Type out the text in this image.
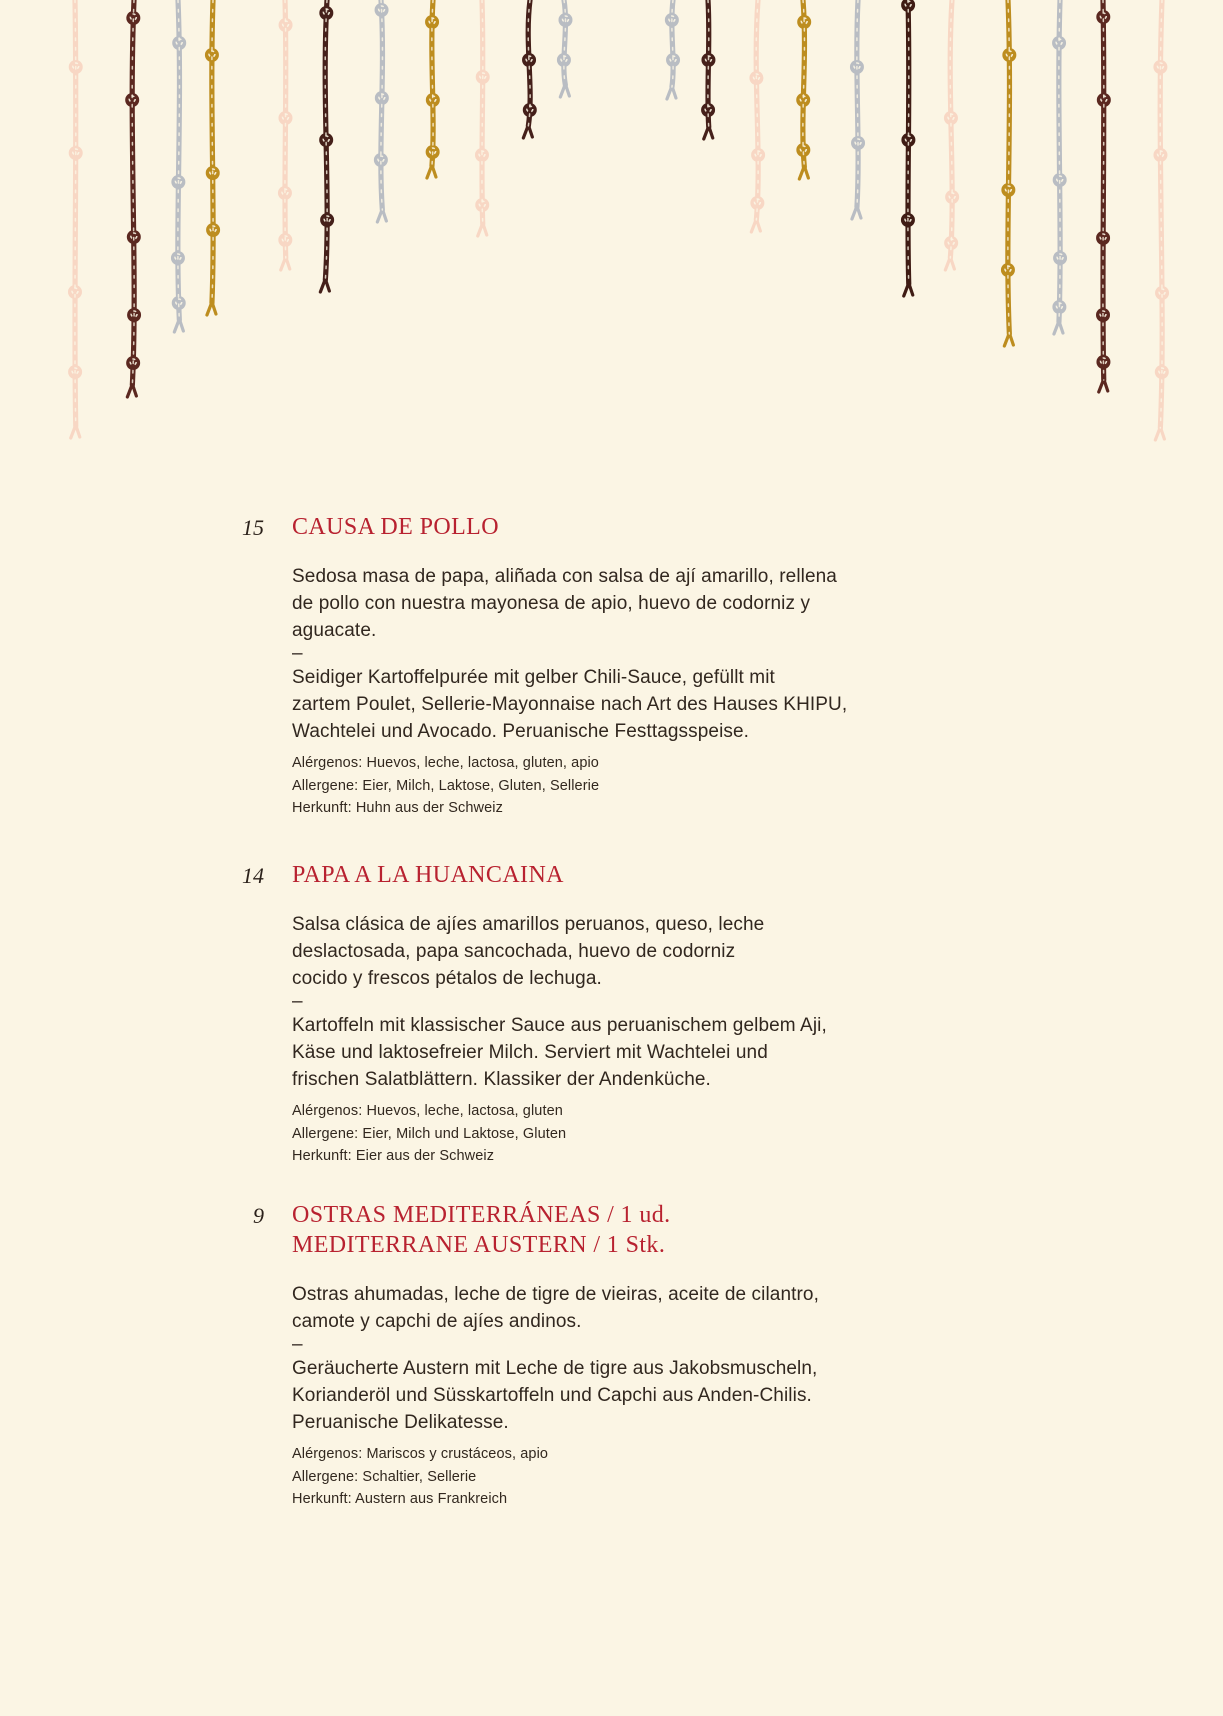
15 CAUSA DE POLLO
Sedosa masa de papa, aliñada con salsa de ají amarillo, rellena
de pollo con nuestra mayonesa de apio, huevo de codorniz y
aguacate.
–
Seidiger Kartoffelpurée mit gelber Chili-Sauce, gefüllt mit
zartem Poulet, Sellerie-Mayonnaise nach Art des Hauses KHIPU,
Wachtelei und Avocado. Peruanische Festtagsspeise.
Alérgenos: Huevos, leche, lactosa, gluten, apio
Allergene: Eier, Milch, Laktose, Gluten, Sellerie
Herkunft: Huhn aus der Schweiz
14 PAPA A LA HUANCAINA
Salsa clásica de ajíes amarillos peruanos, queso, leche
deslactosada, papa sancochada, huevo de codorniz
cocido y frescos pétalos de lechuga.
–
Kartoffeln mit klassischer Sauce aus peruanischem gelbem Aji,
Käse und laktosefreier Milch. Serviert mit Wachtelei und
frischen Salatblättern. Klassiker der Andenküche.
Alérgenos: Huevos, leche, lactosa, gluten
Allergene: Eier, Milch und Laktose, Gluten
Herkunft: Eier aus der Schweiz
9 OSTRAS MEDITERRÁNEAS / 1 ud.
MEDITERRANE AUSTERN / 1 Stk.
Ostras ahumadas, leche de tigre de vieiras, aceite de cilantro,
camote y capchi de ajíes andinos.
–
Geräucherte Austern mit Leche de tigre aus Jakobsmuscheln,
Korianderöl und Süsskartoffeln und Capchi aus Anden-Chilis.
Peruanische Delikatesse.
Alérgenos: Mariscos y crustáceos, apio
Allergene: Schaltier, Sellerie
Herkunft: Austern aus Frankreich
